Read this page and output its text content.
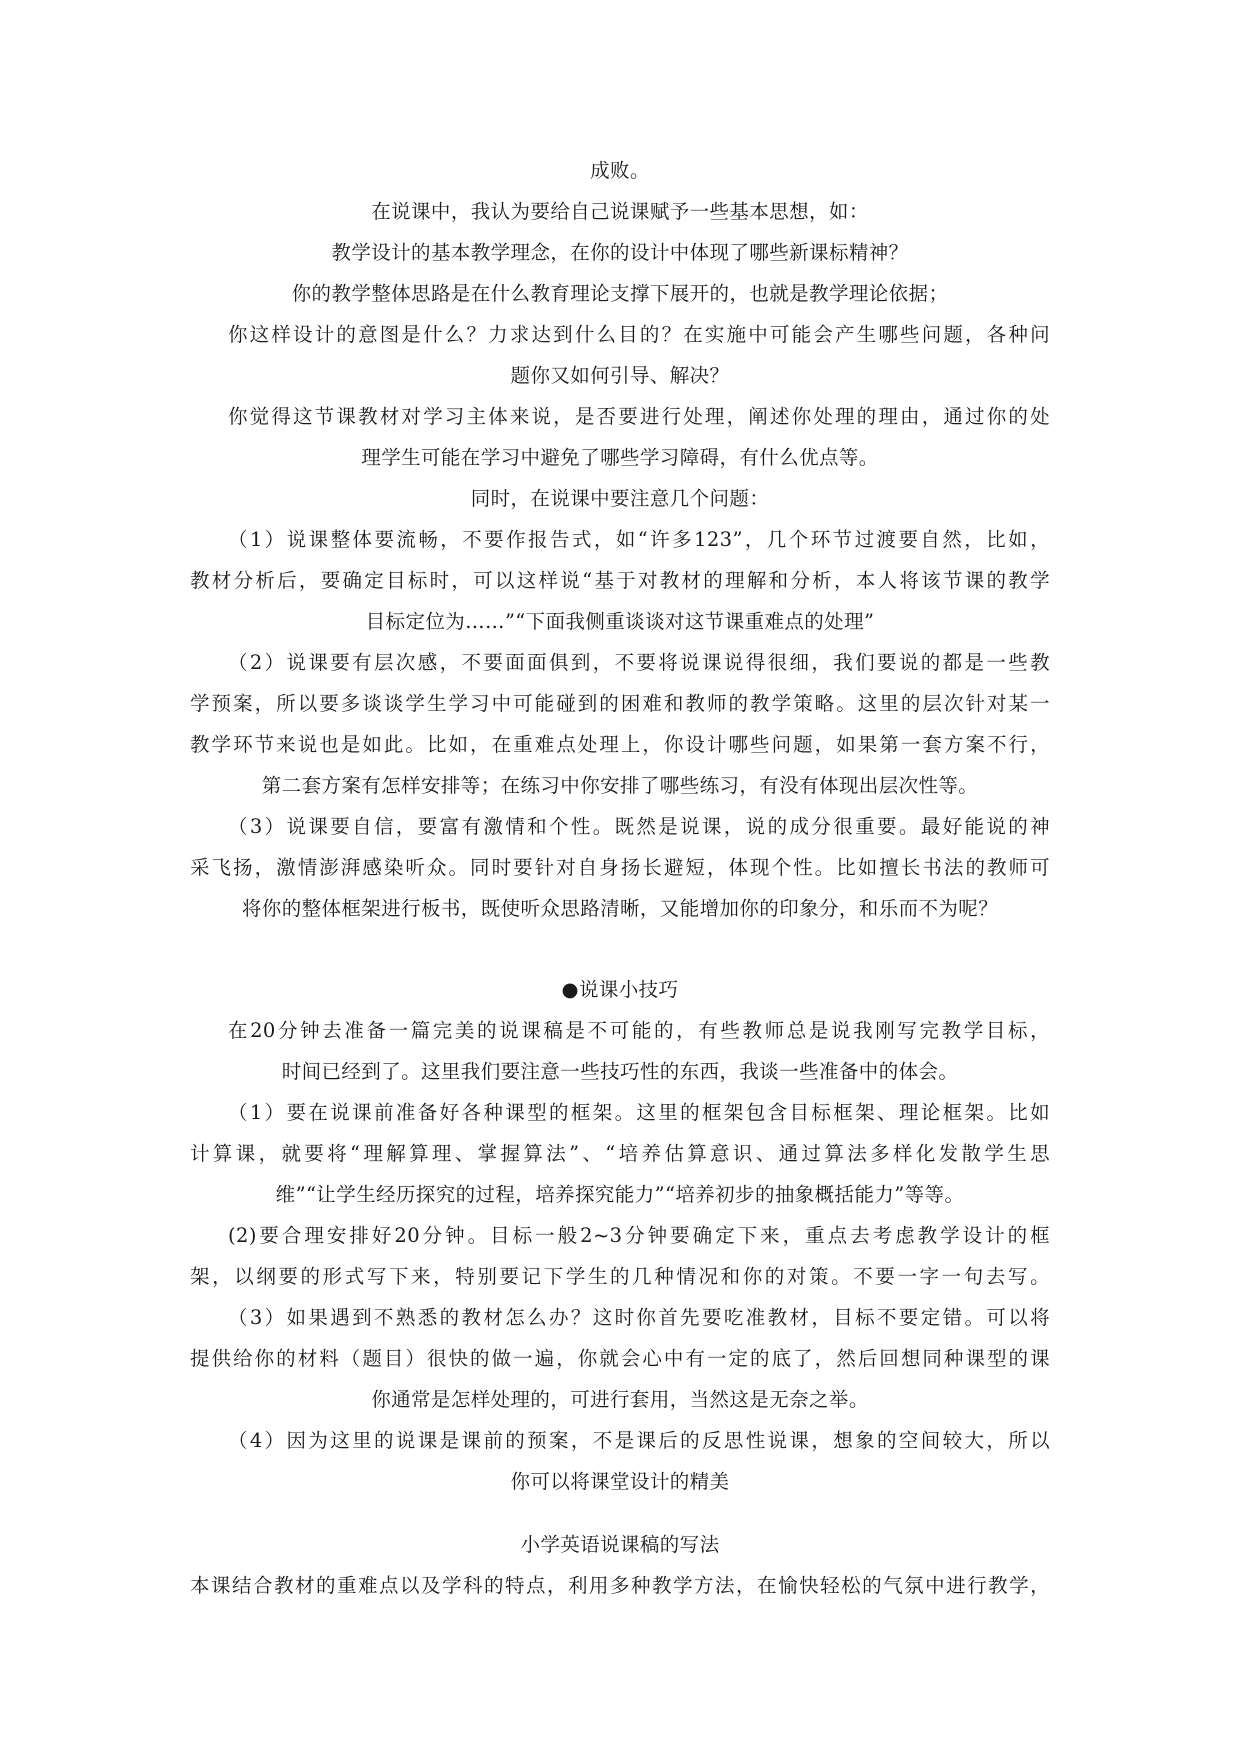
成败。
在说课中，我认为要给自己说课赋予一些基本思想，如：
教学设计的基本教学理念，在你的设计中体现了哪些新课标精神？
你的教学整体思路是在什么教育理论支撑下展开的，也就是教学理论依据；
你这样设计的意图是什么？力求达到什么目的？在实施中可能会产生哪些问题，各种问
题你又如何引导、解决？
你觉得这节课教材对学习主体来说，是否要进行处理，阐述你处理的理由，通过你的处
理学生可能在学习中避免了哪些学习障碍，有什么优点等。
同时，在说课中要注意几个问题：
（1）说课整体要流畅，不要作报告式，如“许多123”，几个环节过渡要自然，比如，
教材分析后，要确定目标时，可以这样说“基于对教材的理解和分析，本人将该节课的教学
目标定位为……”“下面我侧重谈谈对这节课重难点的处理”
（2）说课要有层次感，不要面面俱到，不要将说课说得很细，我们要说的都是一些教
学预案，所以要多谈谈学生学习中可能碰到的困难和教师的教学策略。这里的层次针对某一
教学环节来说也是如此。比如，在重难点处理上，你设计哪些问题，如果第一套方案不行，
第二套方案有怎样安排等；在练习中你安排了哪些练习，有没有体现出层次性等。
（3）说课要自信，要富有激情和个性。既然是说课，说的成分很重要。最好能说的神
采飞扬，激情澎湃感染听众。同时要针对自身扬长避短，体现个性。比如擅长书法的教师可
将你的整体框架进行板书，既使听众思路清晰，又能增加你的印象分，和乐而不为呢？
●说课小技巧
在20分钟去准备一篇完美的说课稿是不可能的，有些教师总是说我刚写完教学目标，
时间已经到了。这里我们要注意一些技巧性的东西，我谈一些准备中的体会。
（1）要在说课前准备好各种课型的框架。这里的框架包含目标框架、理论框架。比如
计算课，就要将“理解算理、掌握算法”、“培养估算意识、通过算法多样化发散学生思
维”“让学生经历探究的过程，培养探究能力”“培养初步的抽象概括能力”等等。
(2)要合理安排好20分钟。目标一般2~3分钟要确定下来，重点去考虑教学设计的框
架，以纲要的形式写下来，特别要记下学生的几种情况和你的对策。不要一字一句去写。
（3）如果遇到不熟悉的教材怎么办？这时你首先要吃准教材，目标不要定错。可以将
提供给你的材料（题目）很快的做一遍，你就会心中有一定的底了，然后回想同种课型的课
你通常是怎样处理的，可进行套用，当然这是无奈之举。
（4）因为这里的说课是课前的预案，不是课后的反思性说课，想象的空间较大，所以
你可以将课堂设计的精美
小学英语说课稿的写法
本课结合教材的重难点以及学科的特点，利用多种教学方法，在愉快轻松的气氛中进行教学，
